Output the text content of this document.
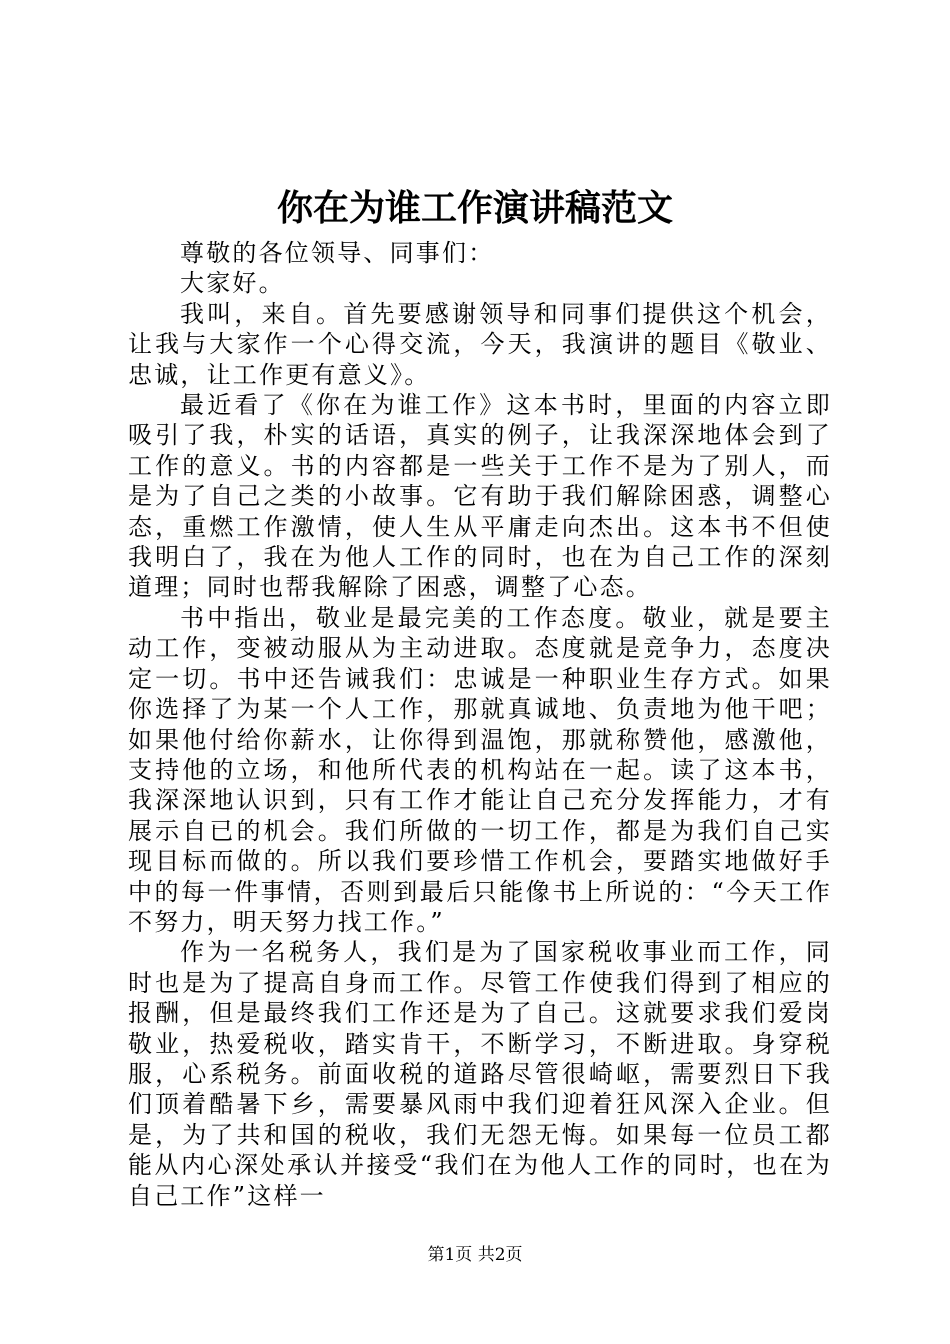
你在为谁工作演讲稿范文

尊敬的各位领导、同事们：

大家好。

我叫，来自。首先要感谢领导和同事们提供这个机会，让我与大家作一个心得交流，今天，我演讲的题目《敬业、忠诚，让工作更有意义》。

最近看了《你在为谁工作》这本书时，里面的内容立即吸引了我，朴实的话语，真实的例子，让我深深地体会到了工作的意义。书的内容都是一些关于工作不是为了别人，而是为了自己之类的小故事。它有助于我们解除困惑，调整心态，重燃工作激情，使人生从平庸走向杰出。这本书不但使我明白了，我在为他人工作的同时，也在为自己工作的深刻道理；同时也帮我解除了困惑，调整了心态。

书中指出，敬业是最完美的工作态度。敬业，就是要主动工作，变被动服从为主动进取。态度就是竞争力，态度决定一切。书中还告诫我们：忠诚是一种职业生存方式。如果你选择了为某一个人工作，那就真诚地、负责地为他干吧；如果他付给你薪水，让你得到温饱，那就称赞他，感激他，支持他的立场，和他所代表的机构站在一起。读了这本书，我深深地认识到，只有工作才能让自己充分发挥能力，才有展示自已的机会。我们所做的一切工作，都是为我们自己实现目标而做的。所以我们要珍惜工作机会，要踏实地做好手中的每一件事情，否则到最后只能像书上所说的：“今天工作不努力，明天努力找工作。”

作为一名税务人，我们是为了国家税收事业而工作，同时也是为了提高自身而工作。尽管工作使我们得到了相应的报酬，但是最终我们工作还是为了自己。这就要求我们爱岗敬业，热爱税收，踏实肯干，不断学习，不断进取。身穿税服，心系税务。前面收税的道路尽管很崎岖，需要烈日下我们顶着酷暑下乡，需要暴风雨中我们迎着狂风深入企业。但是，为了共和国的税收，我们无怨无悔。如果每一位员工都能从内心深处承认并接受“我们在为他人工作的同时，也在为自己工作”这样一

第1页 共2页
